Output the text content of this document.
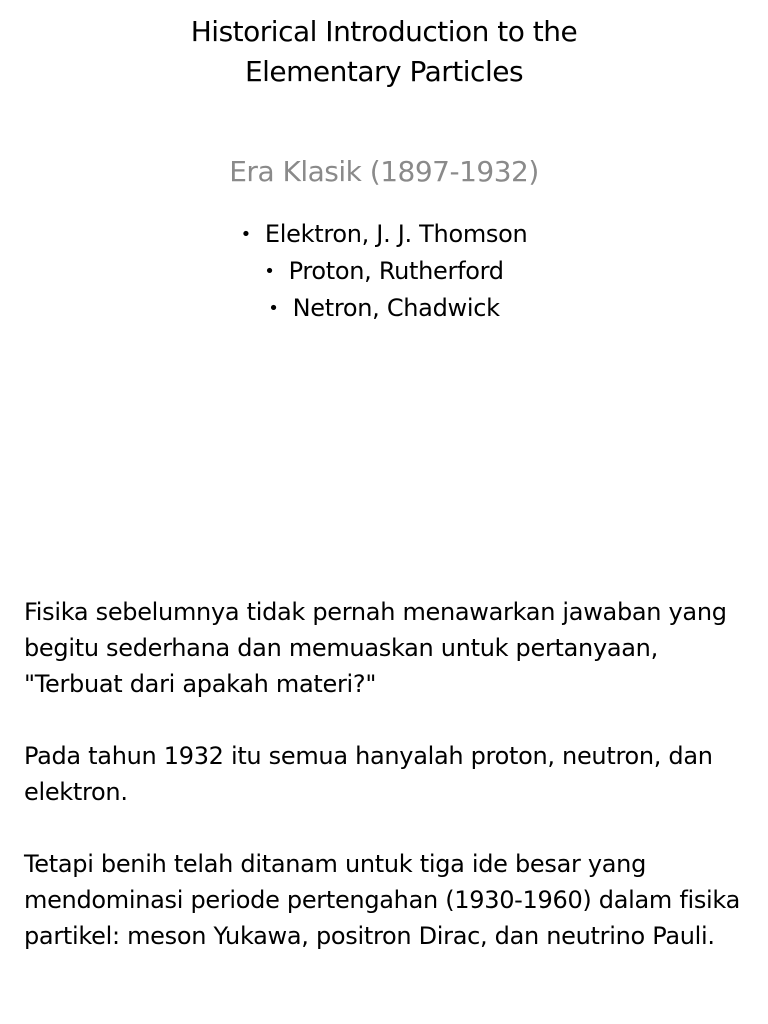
Historical Introduction to the
Elementary Particles
Era Klasik (1897-1932)
• Elektron, J. J. Thomson
• Proton, Rutherford
• Netron, Chadwick

Fisika sebelumnya tidak pernah menawarkan jawaban yang begitu sederhana dan memuaskan untuk pertanyaan, "Terbuat dari apakah materi?"

Pada tahun 1932 itu semua hanyalah proton, neutron, dan elektron.

Tetapi benih telah ditanam untuk tiga ide besar yang mendominasi periode pertengahan (1930-1960) dalam fisika partikel: meson Yukawa, positron Dirac, dan neutrino Pauli.
